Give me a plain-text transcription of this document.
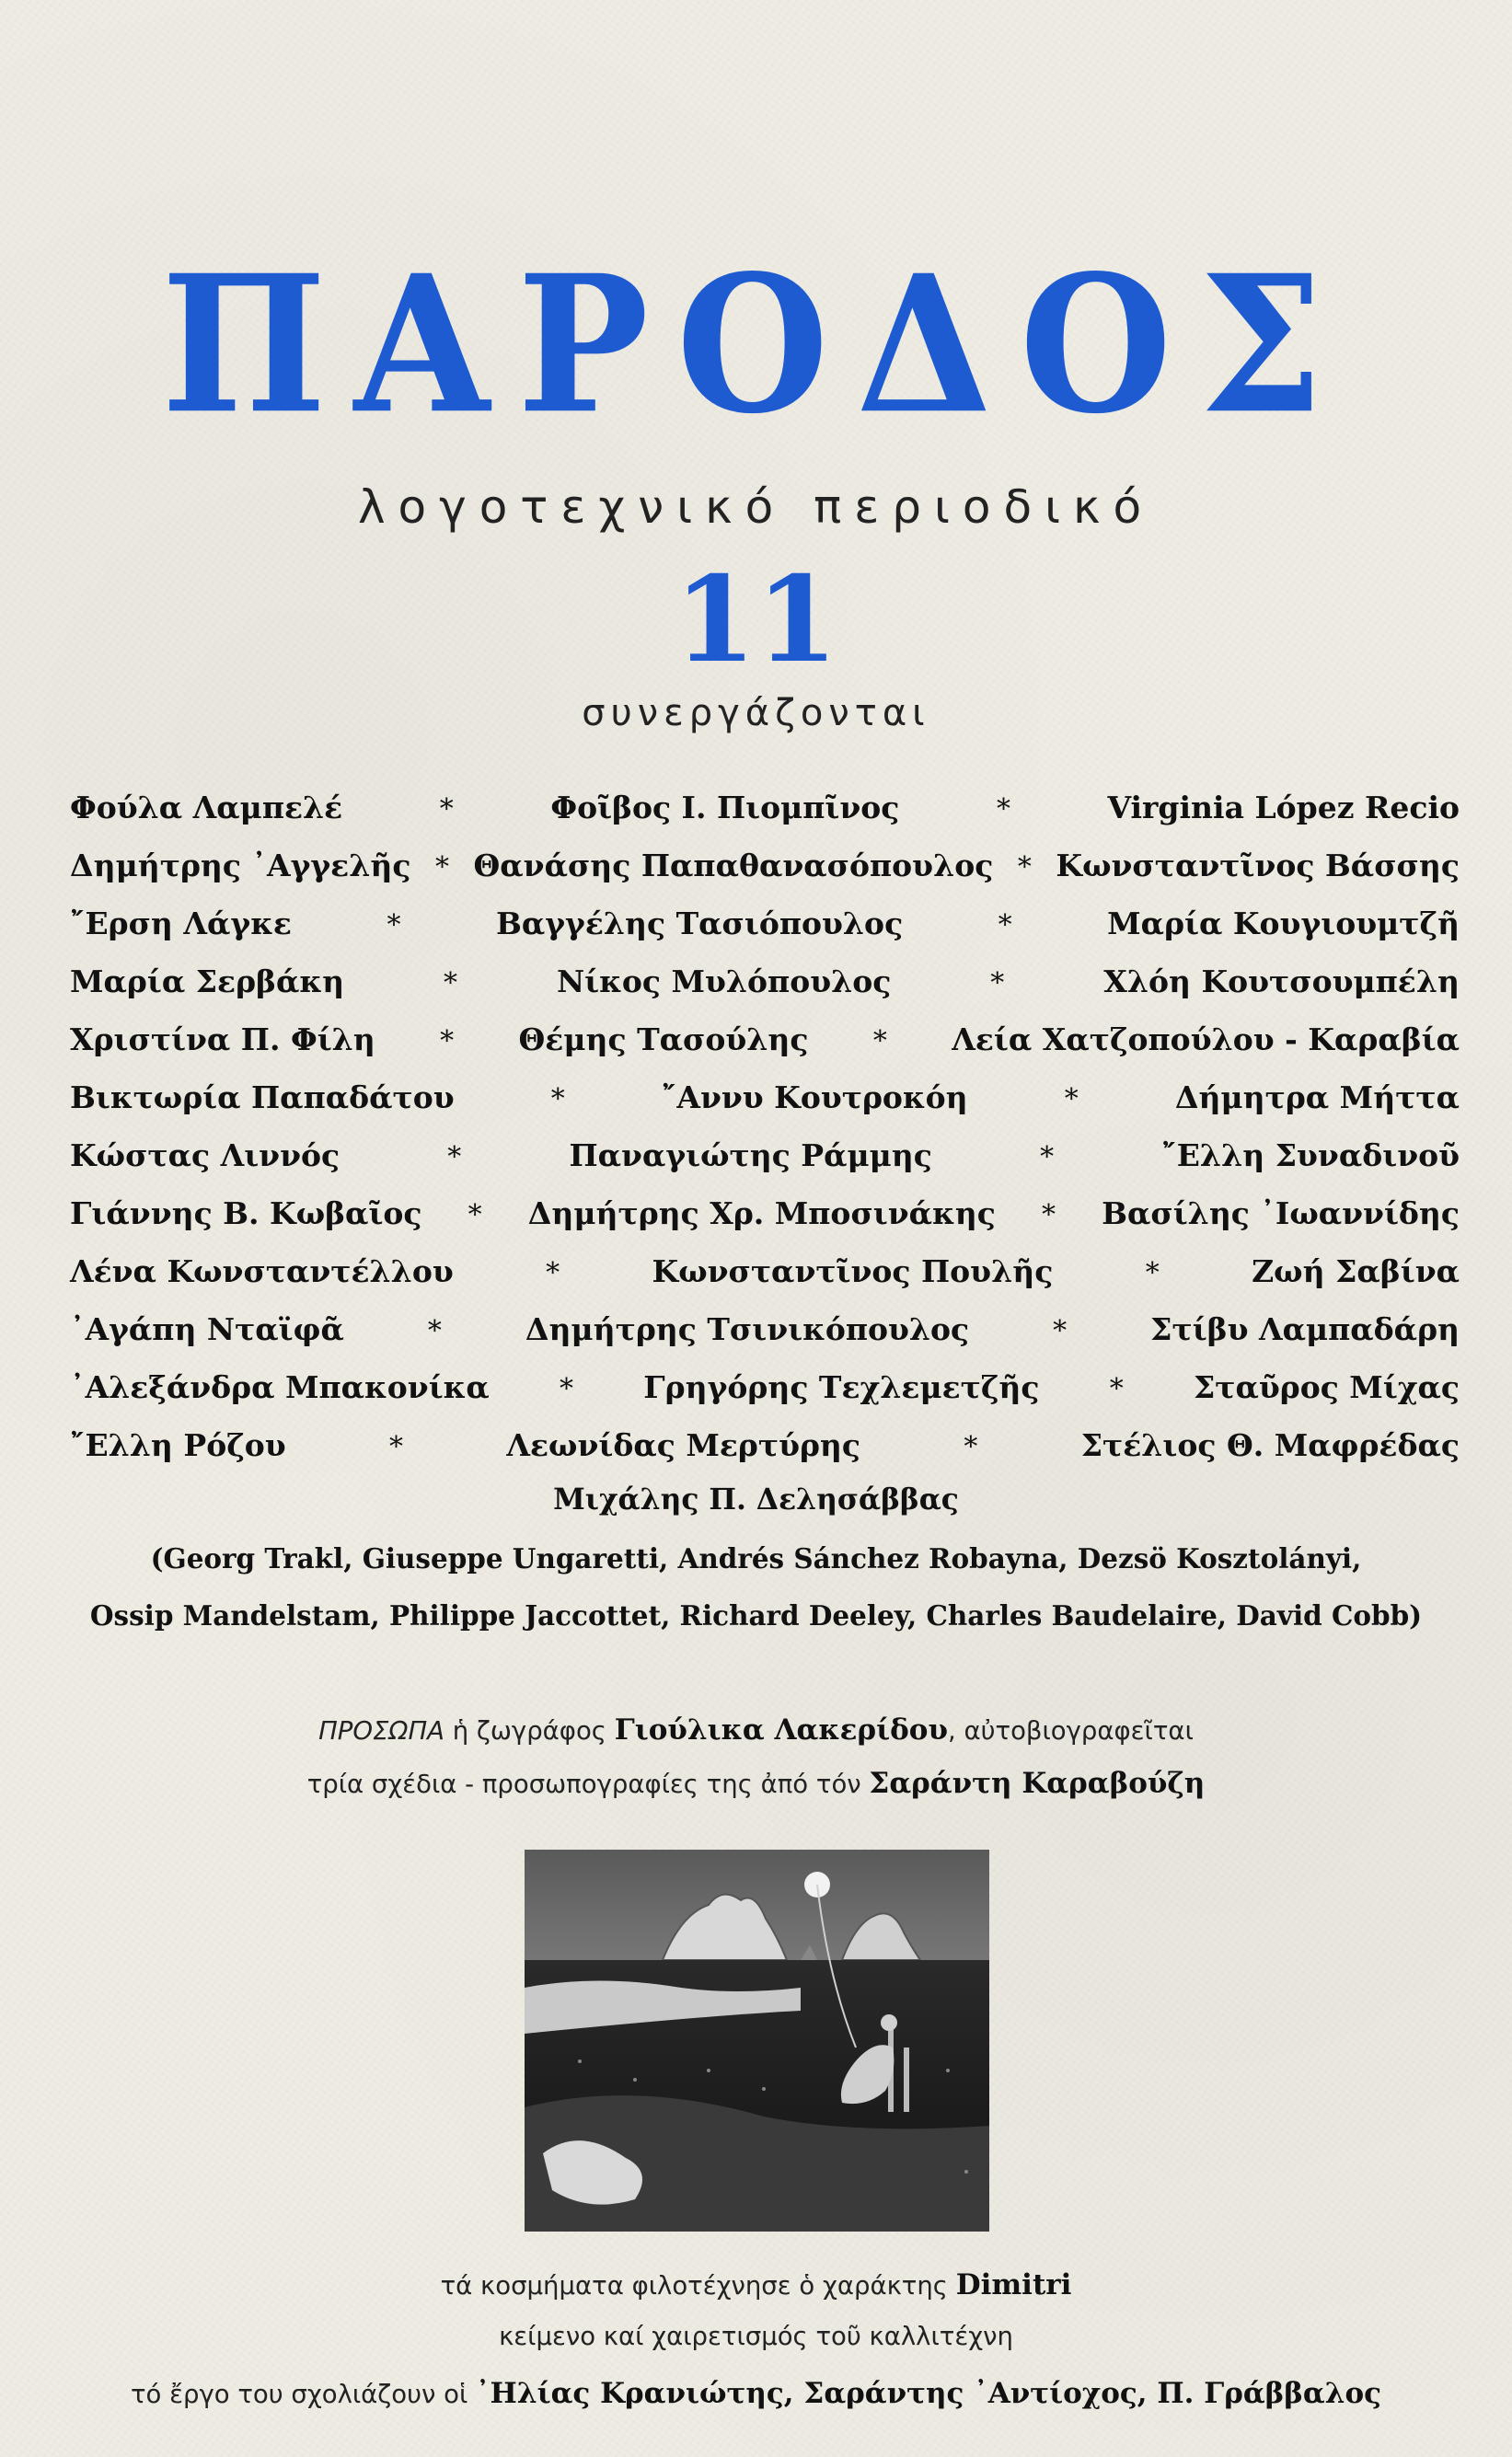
ΠΑΡΟΔΟΣ
λογοτεχνικό περιοδικό
11
συνεργάζονται
Φούλα Λαμπελέ	*	Φοῖβος Ι. Πιομπῖνος	*	Virginia López Recio
Δημήτρης ᾿Αγγελῆς * Θανάσης Παπαθανασόπουλος * Κωνσταντῖνος Βάσσης
῎Ερση Λάγκε	*	Βαγγέλης Τασιόπουλος	*	Μαρία Κουγιουμτζῆ
Μαρία Σερβάκη	*	Νίκος Μυλόπουλος	*	Χλόη Κουτσουμπέλη
Χριστίνα Π. Φίλη	*	Θέμης Τασούλης	*	Λεία Χατζοπούλου - Καραβία
Βικτωρία Παπαδάτου	*	῎Αννυ Κουτροκόη	*	Δήμητρα Μήττα
Κώστας Λιννός	*	Παναγιώτης Ράμμης	*	῎Ελλη Συναδινοῦ
Γιάννης Β. Κωβαῖος	*	Δημήτρης Χρ. Μποσινάκης	*	Βασίλης ᾿Ιωαννίδης
Λένα Κωνσταντέλλου	*	Κωνσταντῖνος Πουλῆς	*	Ζωή Σαβίνα
᾿Αγάπη Νταϊφᾶ	*	Δημήτρης Τσινικόπουλος	*	Στίβυ Λαμπαδάρη
᾿Αλεξάνδρα Μπακονίκα	*	Γρηγόρης Τεχλεμετζῆς	*	Σταῦρος Μίχας
῎Ελλη Ρόζου	*	Λεωνίδας Μερτύρης	*	Στέλιος Θ. Μαφρέδας
Μιχάλης Π. Δελησάββας
(Georg Trakl, Giuseppe Ungaretti, Andrés Sánchez Robayna, Dezsö Kosztolányi,
Ossip Mandelstam, Philippe Jaccottet, Richard Deeley, Charles Baudelaire, David Cobb)
ΠΡΟΣΩΠΑ ἡ ζωγράφος Γιούλικα Λακερίδου, αὐτοβιογραφεῖται
τρία σχέδια - προσωπογραφίες της ἀπό τόν Σαράντη Καραβούζη
τά κοσμήματα φιλοτέχνησε ὁ χαράκτης Dimitri
κείμενο καί χαιρετισμός τοῦ καλλιτέχνη
τό ἔργο του σχολιάζουν οἱ ᾿Ηλίας Κρανιώτης, Σαράντης ᾿Αντίοχος, Π. Γράββαλος
